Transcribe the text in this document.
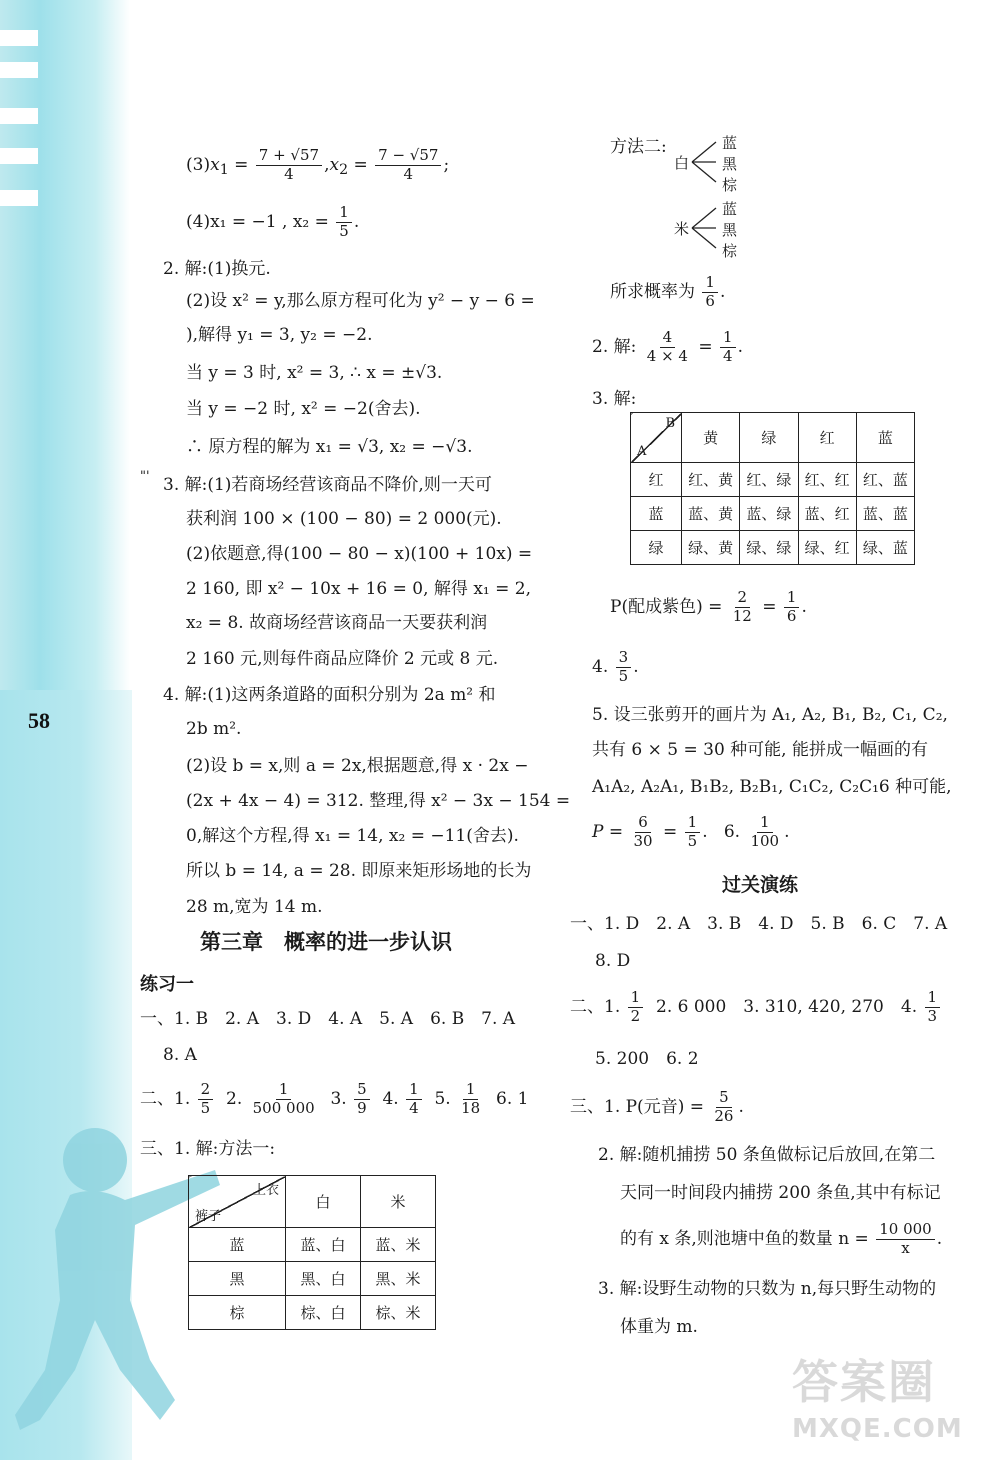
58
$(3)x_1 = \frac{7 + √57}{4} ,x_2 = \frac{7 - √57}{4}$ ;
(4)x₁ = −1 , $x_2 = \frac{1}{5}$ .
2. 解:(1)换元.
(2)设 x² = y,那么原方程可化为 y² − y − 6 =
),解得 y₁ = 3, y₂ = −2.
当 y = 3 时, x² = 3, ∴ x = ±√3.
当 y = −2 时, x² = −2(舍去).
∴ 原方程的解为 x₁ = √3, x₂ = −√3.
"' 3. 解:(1)若商场经营该商品不降价,则一天可
获利润 100 × (100 − 80) = 2 000(元).
(2)依题意,得(100 − 80 − x)(100 + 10x) =
2 160, 即 x² − 10x + 16 = 0, 解得 x₁ = 2,
x₂ = 8. 故商场经营该商品一天要获利润
2 160 元,则每件商品应降价 2 元或 8 元.
4. 解:(1)这两条道路的面积分别为 2a m² 和
2b m².
(2)设 b = x,则 a = 2x,根据题意,得 x · 2x −
(2x + 4x − 4) = 312. 整理,得 x² − 3x − 154 =
0,解这个方程,得 x₁ = 14, x₂ = −11(舍去).
所以 b = 14, a = 28. 即原来矩形场地的长为
28 m,宽为 14 m.
第三章　概率的进一步认识
练习一
一、1. B　2. A　3. D　4. A　5. A　6. B　7. A
8. A
二、1. $\frac{2}{5} 2$. $\frac{1}{500 000} 3$. $\frac{5}{9} 4$. $\frac{1}{4} 5$. $\frac{1}{18} 6$. 1
三、1. 解:方法一:
上衣
裤子	白	米
蓝	蓝、白	蓝、米
黑	黑、白	黑、米
棕	棕、白	棕、米
方法二:
白
蓝
黑
棕
米
蓝
黑
棕
所求概率为 $\frac{1}{6}$ .
2. 解: $\frac{4}{4 \times 4} = \frac{1}{4}$ .
3. 解:
B
A	黄	绿	红	蓝
红	红、黄	红、绿	红、红	红、蓝
蓝	蓝、黄	蓝、绿	蓝、红	蓝、蓝
绿	绿、黄	绿、绿	绿、红	绿、蓝
P(配成紫色) = $\frac{2}{12} = \frac{1}{6}$ .
4. $\frac{3}{5}$ .
5. 设三张剪开的画片为 A₁, A₂, B₁, B₂, C₁, C₂,
共有 6 × 5 = 30 种可能, 能拼成一幅画的有
A₁A₂, A₂A₁, B₁B₂, B₂B₁, C₁C₂, C₂C₁6 种可能,
$P = \frac{6}{30} = \frac{1}{5}$ . 6. $\frac{1}{100}$ .
过关演练
一、1. D　2. A　3. B　4. D　5. B　6. C　7. A
8. D
二、1. $\frac{1}{2} 2$. 6 000　3. 310, 420, 270　4. $\frac{1}{3}$
5. 200　6. 2
三、1. P(元音) = $\frac{5}{26}$ .
2. 解:随机捕捞 50 条鱼做标记后放回,在第二
天同一时间段内捕捞 200 条鱼,其中有标记
的有 x 条,则池塘中鱼的数量 $n = \frac{10 000}{x}$ .
3. 解:设野生动物的只数为 n,每只野生动物的
体重为 m.
答案圈
MXQE.COM
